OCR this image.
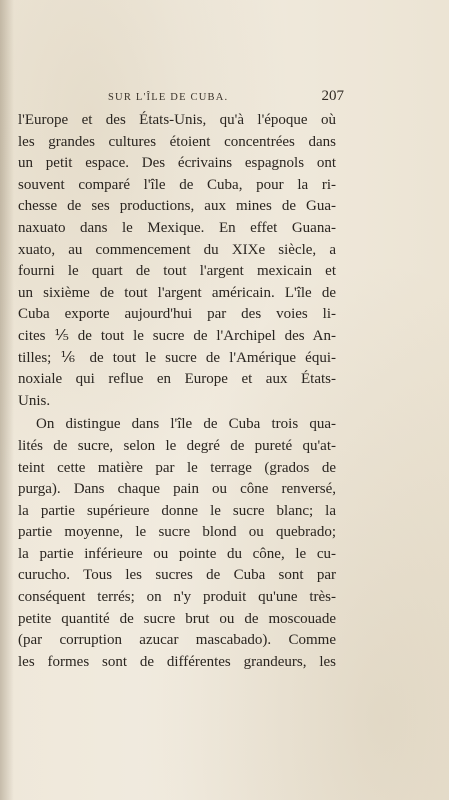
SUR L'ÎLE DE CUBA.	207
l'Europe et des États-Unis, qu'à l'époque où
les grandes cultures étoient concentrées dans
un petit espace. Des écrivains espagnols ont
souvent comparé l'île de Cuba, pour la ri-
chesse de ses productions, aux mines de Gua-
naxuato dans le Mexique. En effet Guana-
xuato, au commencement du XIXe siècle, a
fourni le quart de tout l'argent mexicain et
un sixième de tout l'argent américain. L'île de
Cuba exporte aujourd'hui par des voies li-
cites ⅕ de tout le sucre de l'Archipel des An-
tilles; ⅙ de tout le sucre de l'Amérique équi-
noxiale qui reflue en Europe et aux États-
Unis.
On distingue dans l'île de Cuba trois qua-
lités de sucre, selon le degré de pureté qu'at-
teint cette matière par le terrage (grados de
purga). Dans chaque pain ou cône renversé,
la partie supérieure donne le sucre blanc; la
partie moyenne, le sucre blond ou quebrado;
la partie inférieure ou pointe du cône, le cu-
curucho. Tous les sucres de Cuba sont par
conséquent terrés; on n'y produit qu'une très-
petite quantité de sucre brut ou de moscouade
(par corruption azucar mascabado). Comme
les formes sont de différentes grandeurs, les
